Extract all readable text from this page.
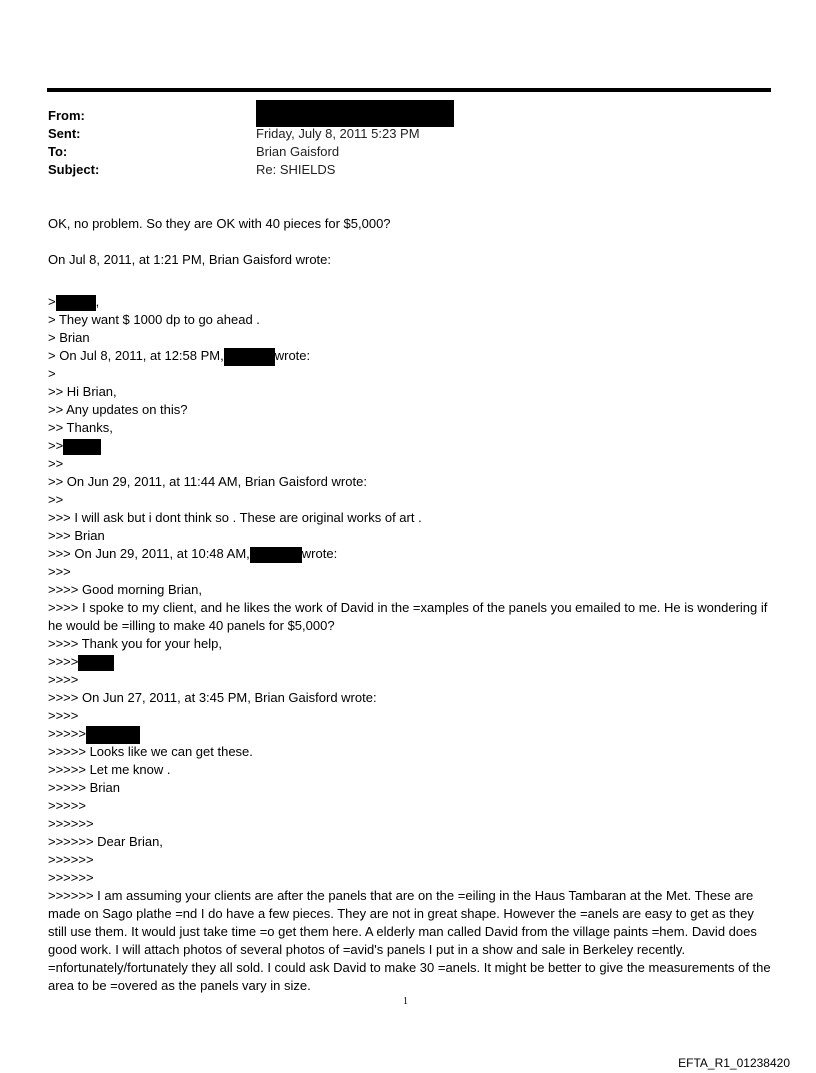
From:
Sent:	Friday, July 8, 2011 5:23 PM
To:	Brian Gaisford
Subject:	Re: SHIELDS
OK, no problem. So they are OK with 40 pieces for $5,000?
On Jul 8, 2011, at 1:21 PM, Brian Gaisford wrote:
>	,
> They want $ 1000 dp to go ahead .
> Brian
> On Jul 8, 2011, at 12:58 PM,	wrote:
>
>> Hi Brian,
>> Any updates on this?
>> Thanks,
>>
>>
>> On Jun 29, 2011, at 11:44 AM, Brian Gaisford wrote:
>>
>>> I will ask but i dont think so . These are original works of art .
>>> Brian
>>> On Jun 29, 2011, at 10:48 AM,	wrote:
>>>
>>>> Good morning Brian,
>>>> I spoke to my client, and he likes the work of David in the =xamples of the panels you emailed to me. He is wondering if he would be =illing to make 40 panels for $5,000?
>>>> Thank you for your help,
>>>>
>>>>
>>>> On Jun 27, 2011, at 3:45 PM, Brian Gaisford wrote:
>>>>
>>>>>
>>>>> Looks like we can get these.
>>>>> Let me know .
>>>>> Brian
>>>>>
>>>>>>
>>>>>> Dear Brian,
>>>>>>
>>>>>>
>>>>>> I am assuming your clients are after the panels that are on the =eiling in the Haus Tambaran at the Met. These are made on Sago plathe =nd I do have a few pieces. They are not in great shape. However the =anels are easy to get as they still use them. It would just take time =o get them here. A elderly man called David from the village paints =hem. David does good work. I will attach photos of several photos of =avid's panels I put in a show and sale in Berkeley recently. =nfortunately/fortunately they all sold. I could ask David to make 30 =anels. It might be better to give the measurements of the area to be =overed as the panels vary in size.
1
EFTA_R1_01238420
